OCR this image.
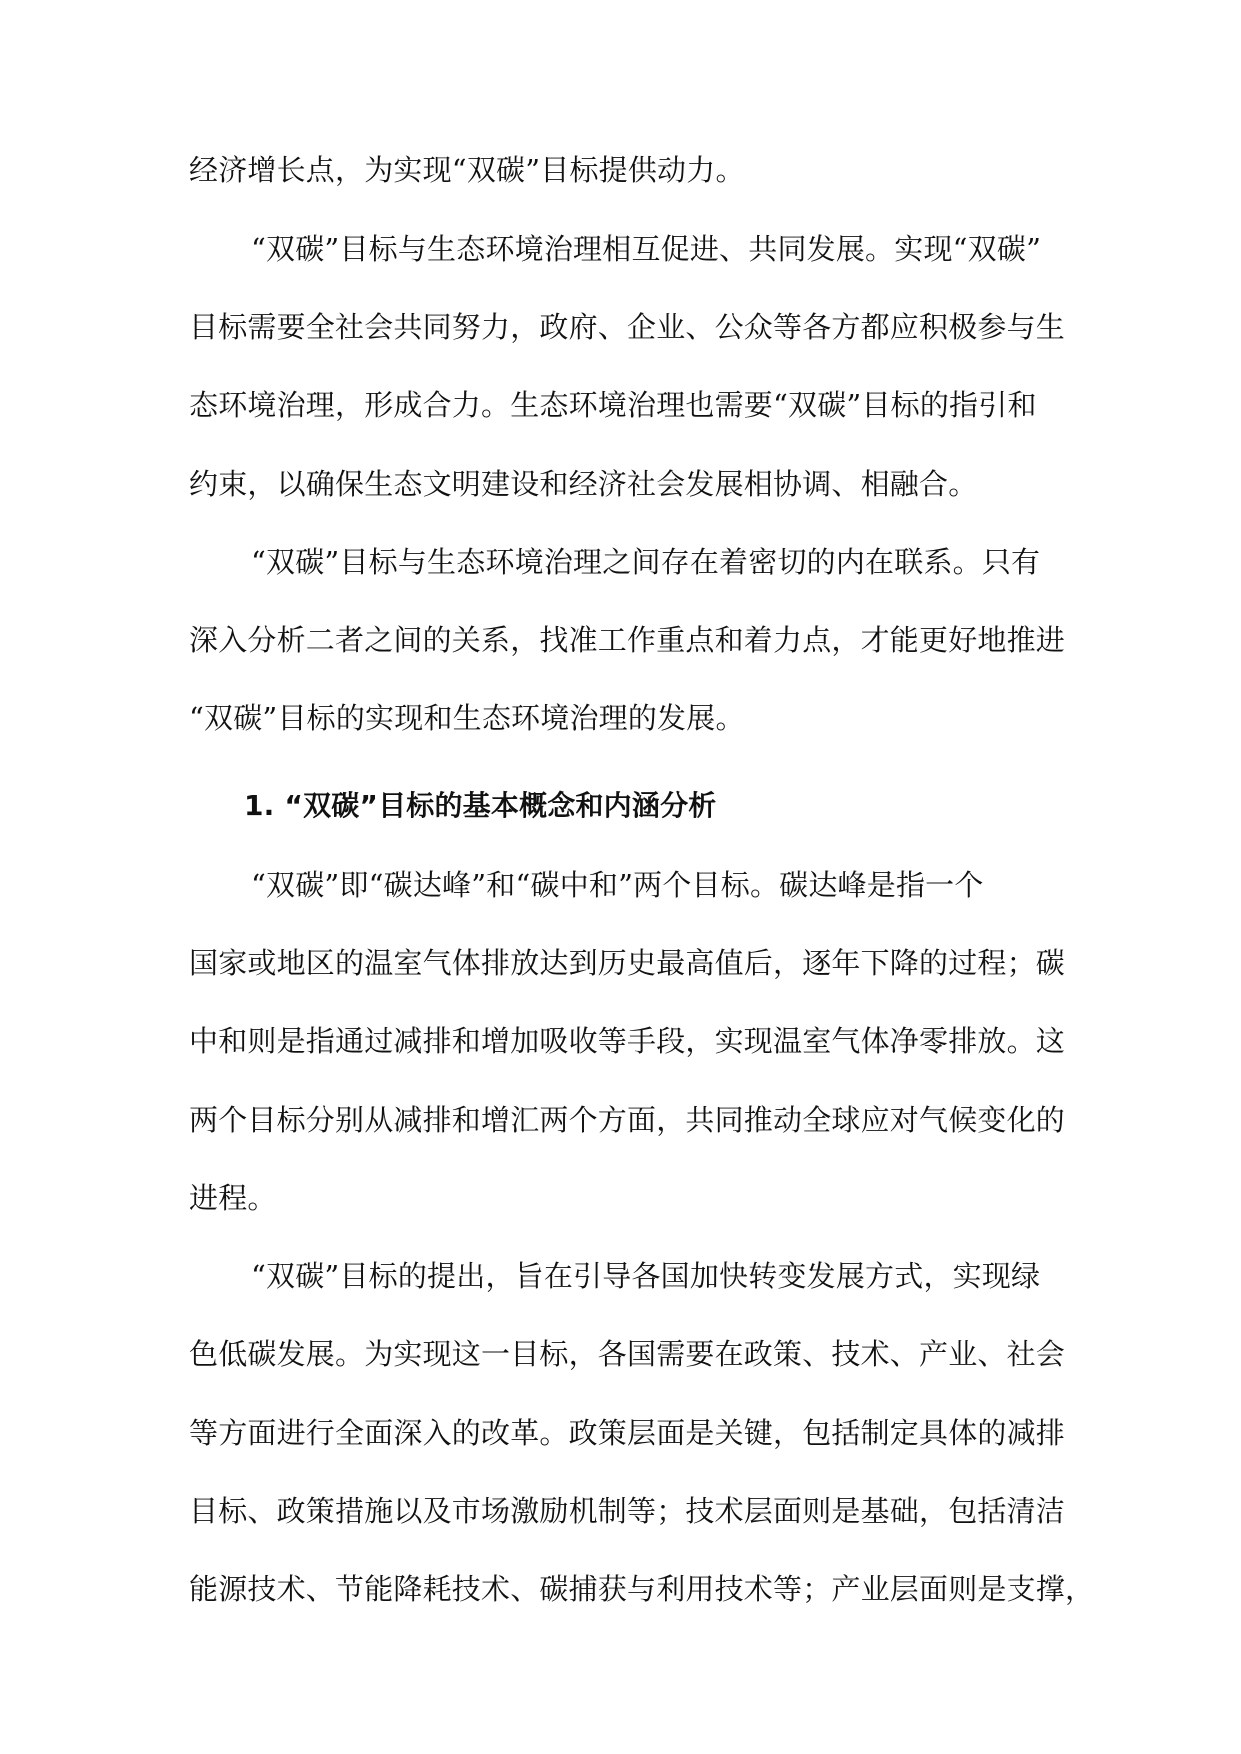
经济增长点，为实现“双碳”目标提供动力。
“双碳”目标与生态环境治理相互促进、共同发展。实现“双碳”
目标需要全社会共同努力，政府、企业、公众等各方都应积极参与生
态环境治理，形成合力。生态环境治理也需要“双碳”目标的指引和
约束，以确保生态文明建设和经济社会发展相协调、相融合。
“双碳”目标与生态环境治理之间存在着密切的内在联系。只有
深入分析二者之间的关系，找准工作重点和着力点，才能更好地推进
“双碳”目标的实现和生态环境治理的发展。
1. “双碳”目标的基本概念和内涵分析
“双碳”即“碳达峰”和“碳中和”两个目标。碳达峰是指一个
国家或地区的温室气体排放达到历史最高值后，逐年下降的过程；碳
中和则是指通过减排和增加吸收等手段，实现温室气体净零排放。这
两个目标分别从减排和增汇两个方面，共同推动全球应对气候变化的
进程。
“双碳”目标的提出，旨在引导各国加快转变发展方式，实现绿
色低碳发展。为实现这一目标，各国需要在政策、技术、产业、社会
等方面进行全面深入的改革。政策层面是关键，包括制定具体的减排
目标、政策措施以及市场激励机制等；技术层面则是基础，包括清洁
能源技术、节能降耗技术、碳捕获与利用技术等；产业层面则是支撑，
